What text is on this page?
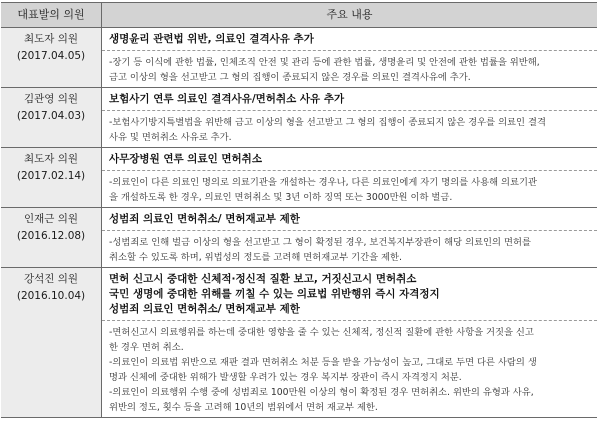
대표발의 의원	주요 내용
최도자 의원
(2017.04.05)
생명윤리 관련법 위반, 의료인 결격사유 추가
-장기 등 이식에 관한 법률, 인체조직 안전 및 관리 등에 관한 법률, 생명윤리 및 안전에 관한 법률을 위반해,
금고 이상의 형을 선고받고 그 형의 집행이 종료되지 않은 경우를 의료인 결격사유에 추가.
김관영 의원
(2017.04.03)
보험사기 연루 의료인 결격사유/면허취소 사유 추가
-보험사기방지특별법을 위반해 금고 이상의 형을 선고받고 그 형의 집행이 종료되지 않은 경우를 의료인 결격
사유 및 면허취소 사유로 추가.
최도자 의원
(2017.02.14)
사무장병원 연루 의료인 면허취소
-의료인이 다른 의료인 명의로 의료기관을 개설하는 경우나, 다른 의료인에게 자기 명의를 사용해 의료기관
을 개설하도록 한 경우, 의료인 면허취소 및 3년 이하 징역 또는 3000만원 이하 벌금.
인재근 의원
(2016.12.08)
성범죄 의료인 면허취소/ 면허재교부 제한
-성범죄로 인해 벌금 이상의 형을 선고받고 그 형이 확정된 경우, 보건복지부장관이 해당 의료인의 면허를
취소할 수 있도록 하며, 위법성의 정도를 고려해 면허재교부 기간을 제한.
강석진 의원
(2016.10.04)
면허 신고시 중대한 신체적·정신적 질환 보고, 거짓신고시 면허취소
국민 생명에 중대한 위해를 끼칠 수 있는 의료법 위반행위 즉시 자격정지
성범죄 의료인 면허취소/ 면허재교부 제한
-면허신고시 의료행위를 하는데 중대한 영향을 줄 수 있는 신체적, 정신적 질환에 관한 사항을 거짓을 신고
한 경우 면허 취소.
-의료인이 의료법 위반으로 재판 결과 면허취소 처분 등을 받을 가능성이 높고, 그대로 두면 다른 사람의 생
명과 신체에 중대한 위해가 발생할 우려가 있는 경우 복지부 장관이 즉시 자격정지 처분.
-의료인이 의료행위 수행 중에 성범죄로 100만원 이상의 형이 확정된 경우 면허취소. 위반의 유형과 사유,
위반의 정도, 횟수 등을 고려해 10년의 범위에서 면허 재교부 제한.
